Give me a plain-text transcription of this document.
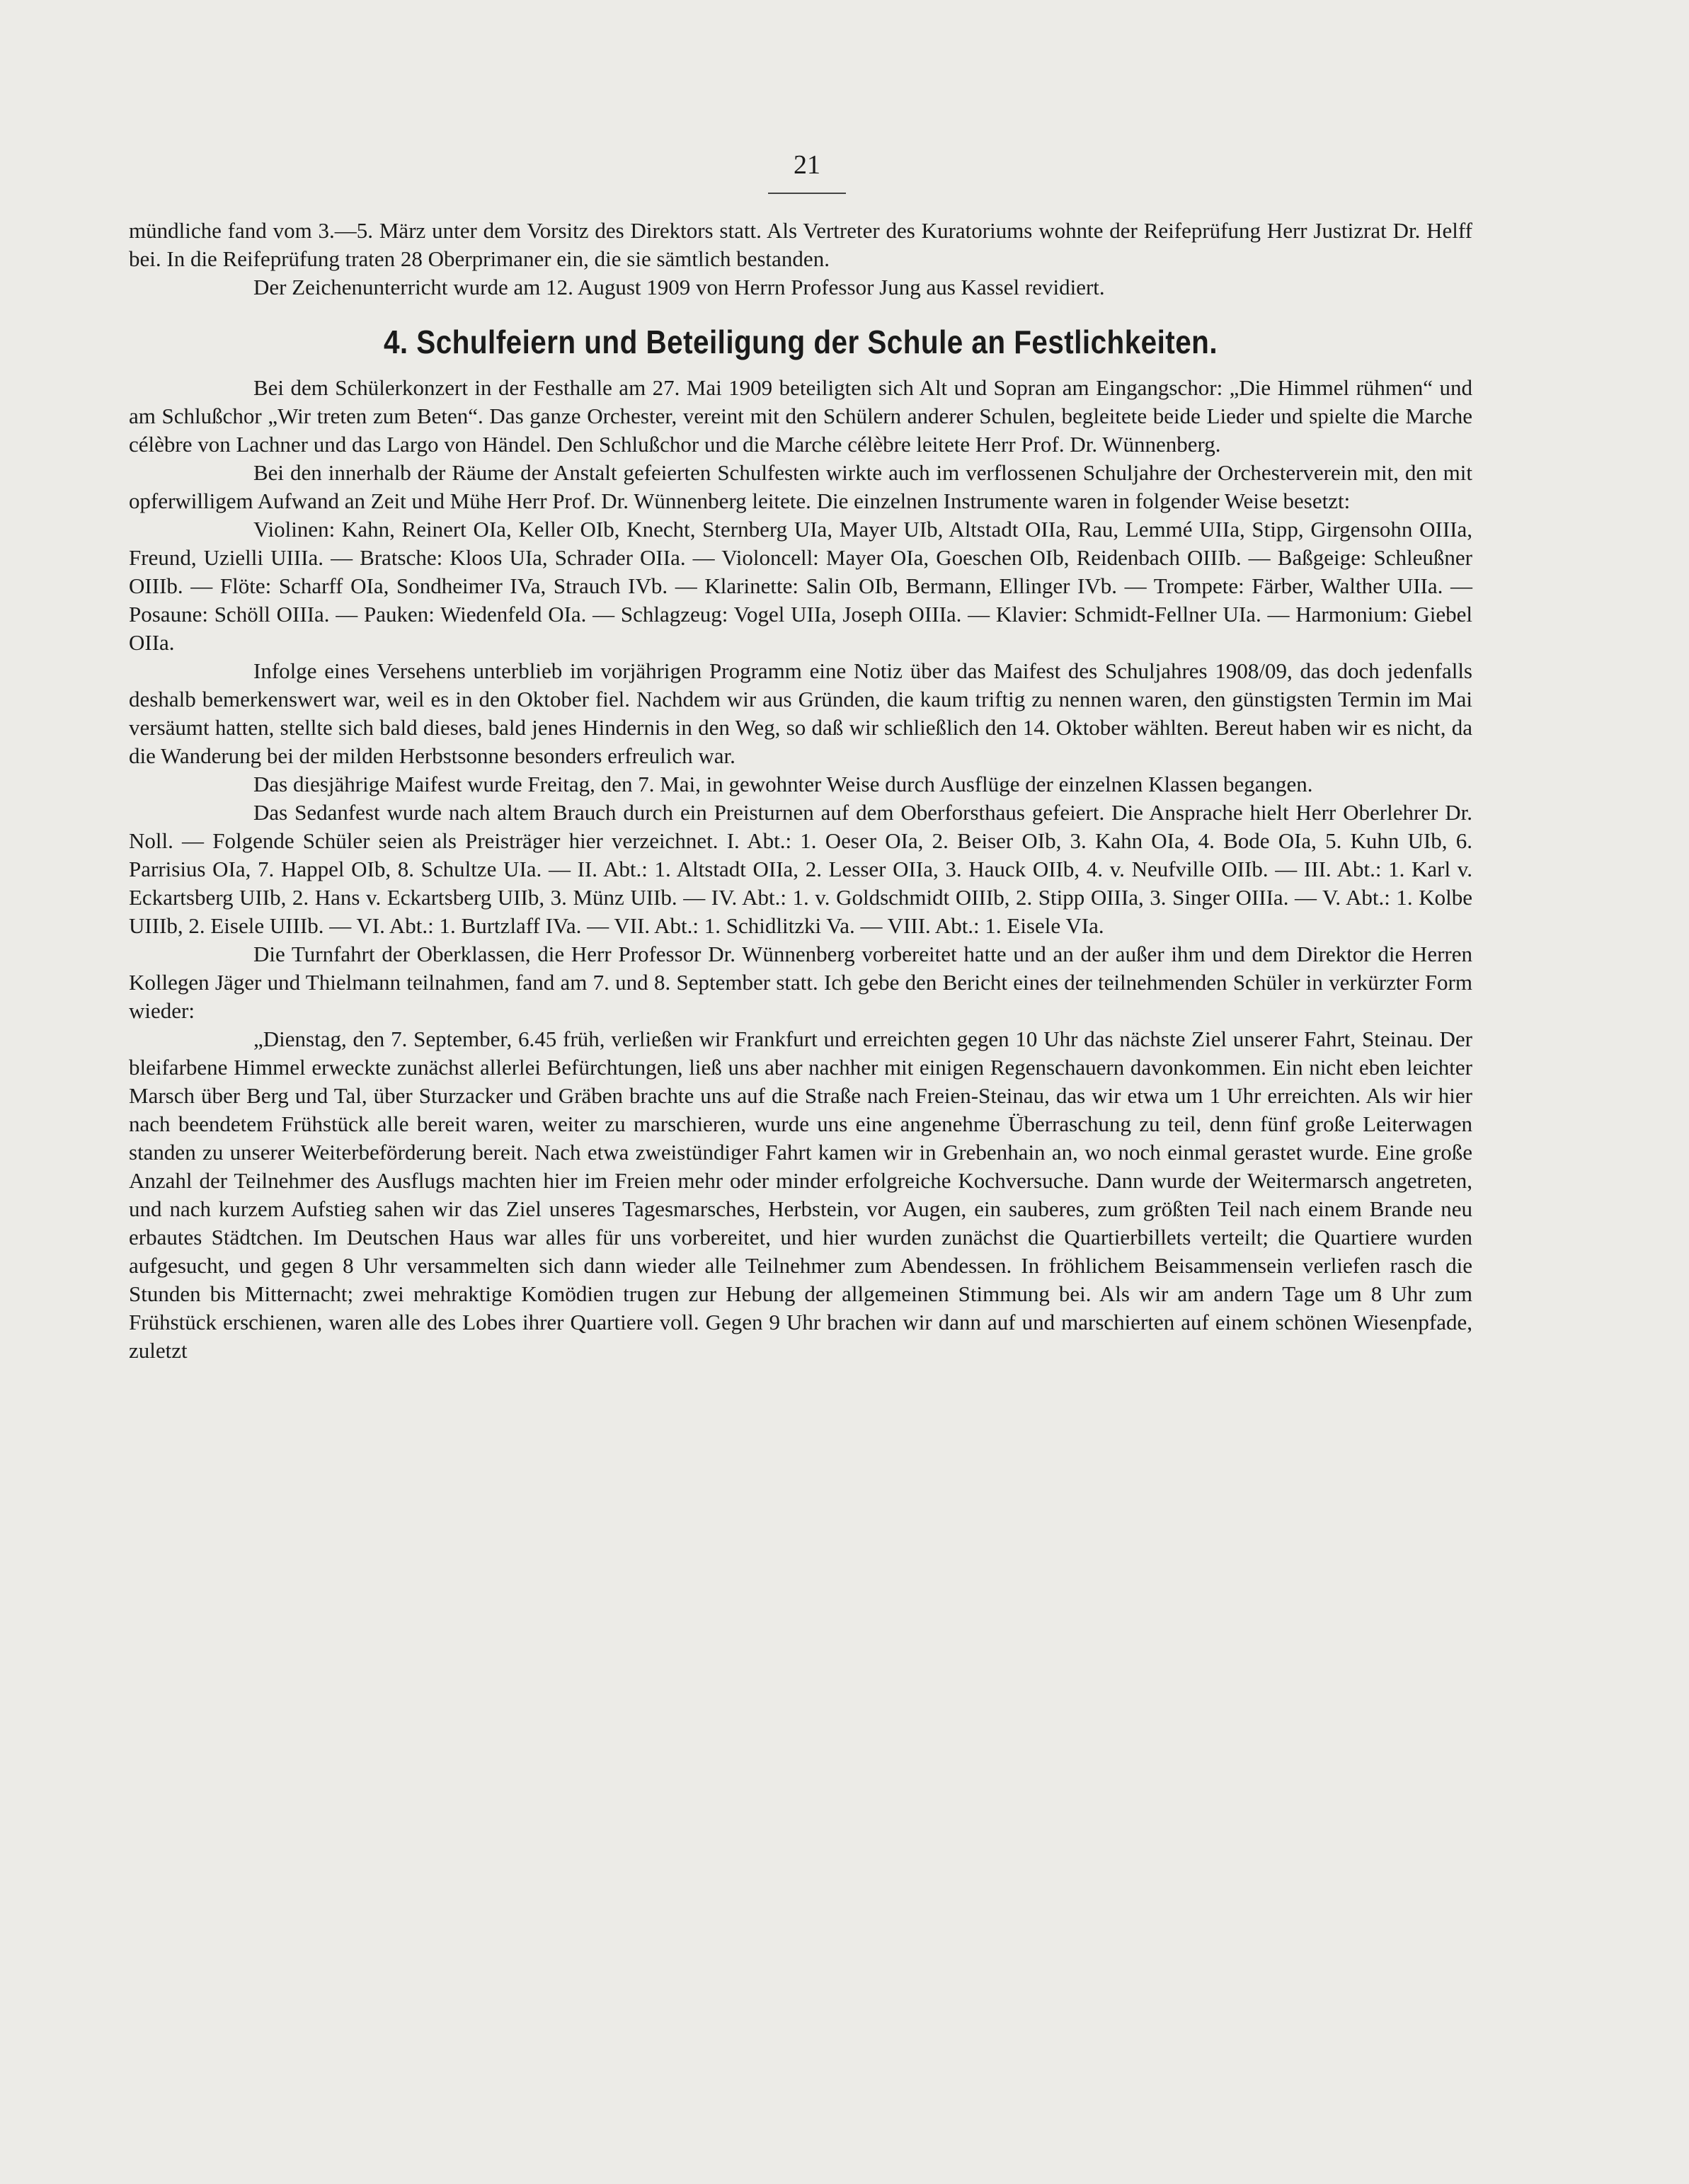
21

mündliche fand vom 3.—5. März unter dem Vorsitz des Direktors statt. Als Vertreter des Kuratoriums wohnte der Reifeprüfung Herr Justizrat Dr. Helff bei. In die Reifeprüfung traten 28 Oberprimaner ein, die sie sämtlich bestanden.

Der Zeichenunterricht wurde am 12. August 1909 von Herrn Professor Jung aus Kassel revidiert.

4. Schulfeiern und Beteiligung der Schule an Festlichkeiten.

Bei dem Schülerkonzert in der Festhalle am 27. Mai 1909 beteiligten sich Alt und Sopran am Eingangschor: „Die Himmel rühmen“ und am Schlußchor „Wir treten zum Beten“. Das ganze Orchester, vereint mit den Schülern anderer Schulen, begleitete beide Lieder und spielte die Marche célèbre von Lachner und das Largo von Händel. Den Schlußchor und die Marche célèbre leitete Herr Prof. Dr. Wünnenberg.

Bei den innerhalb der Räume der Anstalt gefeierten Schulfesten wirkte auch im verflossenen Schuljahre der Orchesterverein mit, den mit opferwilligem Aufwand an Zeit und Mühe Herr Prof. Dr. Wünnenberg leitete. Die einzelnen Instrumente waren in folgender Weise besetzt:

Violinen: Kahn, Reinert OIa, Keller OIb, Knecht, Sternberg UIa, Mayer UIb, Altstadt OIIa, Rau, Lemmé UIIa, Stipp, Girgensohn OIIIa, Freund, Uzielli UIIIa. — Bratsche: Kloos UIa, Schrader OIIa. — Violoncell: Mayer OIa, Goeschen OIb, Reidenbach OIIIb. — Baßgeige: Schleußner OIIIb. — Flöte: Scharff OIa, Sondheimer IVa, Strauch IVb. — Klarinette: Salin OIb, Bermann, Ellinger IVb. — Trompete: Färber, Walther UIIa. — Posaune: Schöll OIIIa. — Pauken: Wiedenfeld OIa. — Schlagzeug: Vogel UIIa, Joseph OIIIa. — Klavier: Schmidt-Fellner UIa. — Harmonium: Giebel OIIa.

Infolge eines Versehens unterblieb im vorjährigen Programm eine Notiz über das Maifest des Schuljahres 1908/09, das doch jedenfalls deshalb bemerkenswert war, weil es in den Oktober fiel. Nachdem wir aus Gründen, die kaum triftig zu nennen waren, den günstigsten Termin im Mai versäumt hatten, stellte sich bald dieses, bald jenes Hindernis in den Weg, so daß wir schließlich den 14. Oktober wählten. Bereut haben wir es nicht, da die Wanderung bei der milden Herbstsonne besonders erfreulich war.

Das diesjährige Maifest wurde Freitag, den 7. Mai, in gewohnter Weise durch Ausflüge der einzelnen Klassen begangen.

Das Sedanfest wurde nach altem Brauch durch ein Preisturnen auf dem Oberforsthaus gefeiert. Die Ansprache hielt Herr Oberlehrer Dr. Noll. — Folgende Schüler seien als Preisträger hier verzeichnet. I. Abt.: 1. Oeser OIa, 2. Beiser OIb, 3. Kahn OIa, 4. Bode OIa, 5. Kuhn UIb, 6. Parrisius OIa, 7. Happel OIb, 8. Schultze UIa. — II. Abt.: 1. Altstadt OIIa, 2. Lesser OIIa, 3. Hauck OIIb, 4. v. Neufville OIIb. — III. Abt.: 1. Karl v. Eckartsberg UIIb, 2. Hans v. Eckartsberg UIIb, 3. Münz UIIb. — IV. Abt.: 1. v. Goldschmidt OIIIb, 2. Stipp OIIIa, 3. Singer OIIIa. — V. Abt.: 1. Kolbe UIIIb, 2. Eisele UIIIb. — VI. Abt.: 1. Burtzlaff IVa. — VII. Abt.: 1. Schidlitzki Va. — VIII. Abt.: 1. Eisele VIa.

Die Turnfahrt der Oberklassen, die Herr Professor Dr. Wünnenberg vorbereitet hatte und an der außer ihm und dem Direktor die Herren Kollegen Jäger und Thielmann teilnahmen, fand am 7. und 8. September statt. Ich gebe den Bericht eines der teilnehmenden Schüler in verkürzter Form wieder:

„Dienstag, den 7. September, 6.45 früh, verließen wir Frankfurt und erreichten gegen 10 Uhr das nächste Ziel unserer Fahrt, Steinau. Der bleifarbene Himmel erweckte zunächst allerlei Befürchtungen, ließ uns aber nachher mit einigen Regenschauern davonkommen. Ein nicht eben leichter Marsch über Berg und Tal, über Sturzacker und Gräben brachte uns auf die Straße nach Freien-Steinau, das wir etwa um 1 Uhr erreichten. Als wir hier nach beendetem Frühstück alle bereit waren, weiter zu marschieren, wurde uns eine angenehme Überraschung zu teil, denn fünf große Leiterwagen standen zu unserer Weiterbeförderung bereit. Nach etwa zweistündiger Fahrt kamen wir in Grebenhain an, wo noch einmal gerastet wurde. Eine große Anzahl der Teilnehmer des Ausflugs machten hier im Freien mehr oder minder erfolgreiche Kochversuche. Dann wurde der Weitermarsch angetreten, und nach kurzem Aufstieg sahen wir das Ziel unseres Tagesmarsches, Herbstein, vor Augen, ein sauberes, zum größten Teil nach einem Brande neu erbautes Städtchen. Im Deutschen Haus war alles für uns vorbereitet, und hier wurden zunächst die Quartierbillets verteilt; die Quartiere wurden aufgesucht, und gegen 8 Uhr versammelten sich dann wieder alle Teilnehmer zum Abendessen. In fröhlichem Beisammensein verliefen rasch die Stunden bis Mitternacht; zwei mehraktige Komödien trugen zur Hebung der allgemeinen Stimmung bei. Als wir am andern Tage um 8 Uhr zum Frühstück erschienen, waren alle des Lobes ihrer Quartiere voll. Gegen 9 Uhr brachen wir dann auf und marschierten auf einem schönen Wiesenpfade, zuletzt
